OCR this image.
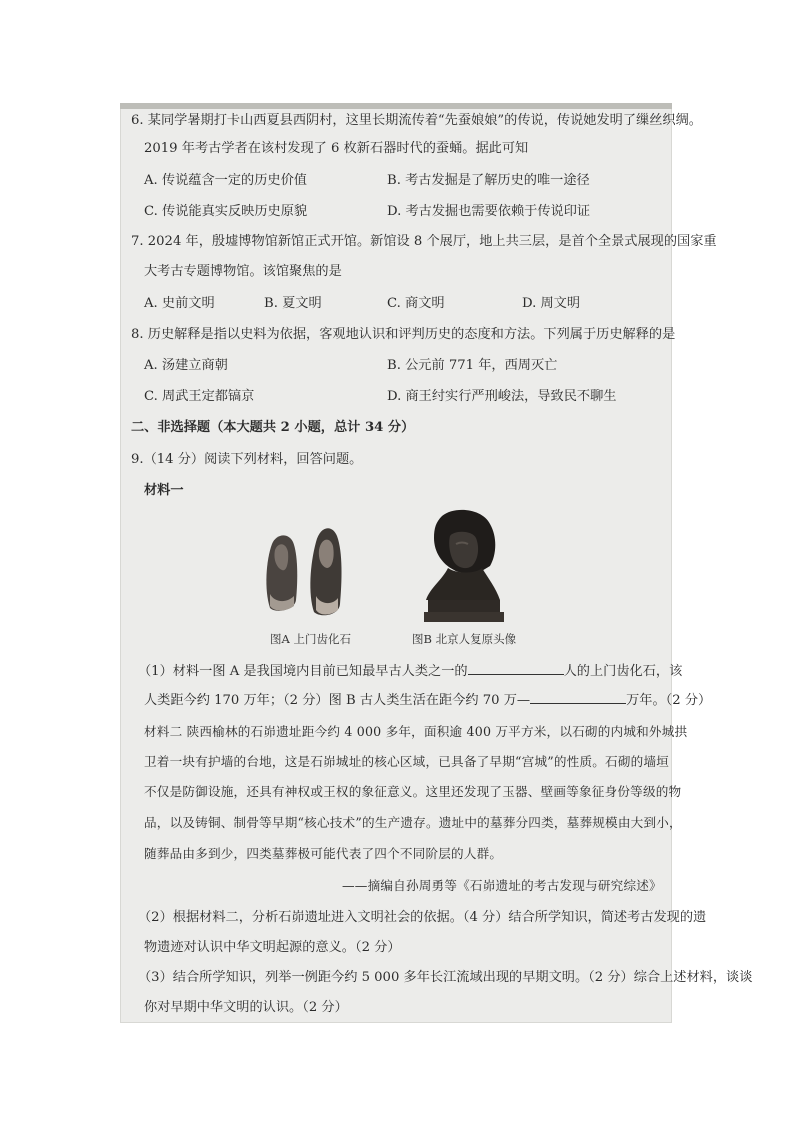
6. 某同学暑期打卡山西夏县西阴村，这里长期流传着“先蚕娘娘”的传说，传说她发明了缫丝织绸。
2019 年考古学者在该村发现了 6 枚新石器时代的蚕蛹。据此可知
A. 传说蕴含一定的历史价值	B. 考古发掘是了解历史的唯一途径
C. 传说能真实反映历史原貌	D. 考古发掘也需要依赖于传说印证
7. 2024 年，殷墟博物馆新馆正式开馆。新馆设 8 个展厅，地上共三层，是首个全景式展现的国家重
大考古专题博物馆。该馆聚焦的是
A. 史前文明	B. 夏文明	C. 商文明	D. 周文明
8. 历史解释是指以史料为依据，客观地认识和评判历史的态度和方法。下列属于历史解释的是
A. 汤建立商朝	B. 公元前 771 年，西周灭亡
C. 周武王定都镐京	D. 商王纣实行严刑峻法，导致民不聊生
二、非选择题（本大题共 2 小题，总计 34 分）
9.（14 分）阅读下列材料，回答问题。
材料一
图A 上门齿化石	图B 北京人复原头像
（1）材料一图 A 是我国境内目前已知最早古人类之一的	人的上门齿化石，该
人类距今约 170 万年；（2 分）图 B 古人类生活在距今约 70 万—	万年。（2 分）
材料二 陕西榆林的石峁遗址距今约 4 000 多年，面积逾 400 万平方米，以石砌的内城和外城拱
卫着一块有护墙的台地，这是石峁城址的核心区域，已具备了早期“宫城”的性质。石砌的墙垣
不仅是防御设施，还具有神权或王权的象征意义。这里还发现了玉器、壁画等象征身份等级的物
品，以及铸铜、制骨等早期“核心技术”的生产遗存。遗址中的墓葬分四类，墓葬规模由大到小，
随葬品由多到少，四类墓葬极可能代表了四个不同阶层的人群。
——摘编自孙周勇等《石峁遗址的考古发现与研究综述》
（2）根据材料二，分析石峁遗址进入文明社会的依据。（4 分）结合所学知识，简述考古发现的遗
物遗迹对认识中华文明起源的意义。（2 分）
（3）结合所学知识，列举一例距今约 5 000 多年长江流域出现的早期文明。（2 分）综合上述材料，谈谈
你对早期中华文明的认识。（2 分）
